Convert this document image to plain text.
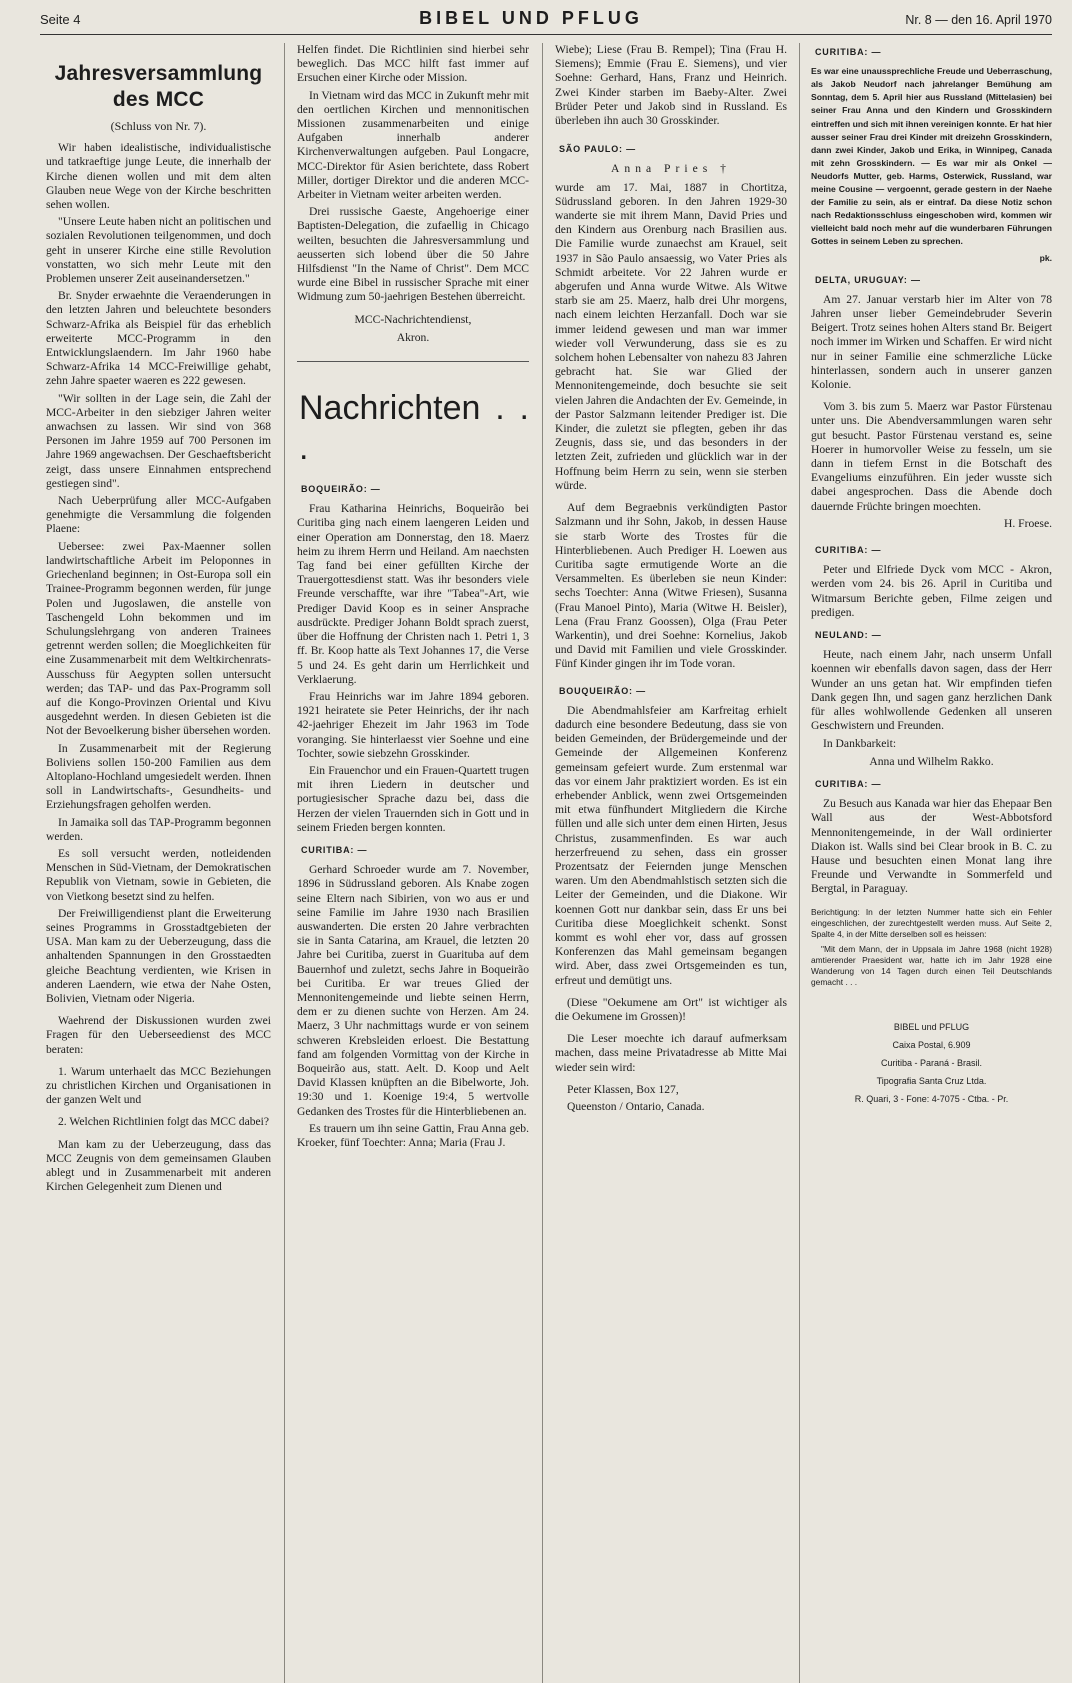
Seite 4	BIBEL UND PFLUG	Nr. 8 — den 16. April 1970
Jahresversammlung
des MCC
(Schluss von Nr. 7).

Wir haben idealistische, individualistische und tatkraeftige junge Leute, die innerhalb der Kirche dienen wollen und mit dem alten Glauben neue Wege von der Kirche beschritten sehen wollen.

"Unsere Leute haben nicht an politischen und sozialen Revolutionen teilgenommen, und doch geht in unserer Kirche eine stille Revolution vonstatten, wo sich mehr Leute mit den Problemen unserer Zeit auseinandersetzen."

Br. Snyder erwaehnte die Veraenderungen in den letzten Jahren und beleuchtete besonders Schwarz-Afrika als Beispiel für das erheblich erweiterte MCC-Programm in den Entwicklungslaendern. Im Jahr 1960 habe Schwarz-Afrika 14 MCC-Freiwillige gehabt, zehn Jahre spaeter waeren es 222 gewesen.

"Wir sollten in der Lage sein, die Zahl der MCC-Arbeiter in den siebziger Jahren weiter anwachsen zu lassen. Wir sind von 368 Personen im Jahre 1959 auf 700 Personen im Jahre 1969 angewachsen. Der Geschaeftsbericht zeigt, dass unsere Einnahmen entsprechend gestiegen sind".

Nach Ueberprüfung aller MCC-Aufgaben genehmigte die Versammlung die folgenden Plaene:

Uebersee: zwei Pax-Maenner sollen landwirtschaftliche Arbeit im Peloponnes in Griechenland beginnen; in Ost-Europa soll ein Trainee-Programm begonnen werden, für junge Polen und Jugoslawen, die anstelle von Taschengeld Lohn bekommen und im Schulungslehrgang von anderen Trainees getrennt werden sollen; die Moeglichkeiten für eine Zusammenarbeit mit dem Weltkirchenrats-Ausschuss für Aegypten sollen untersucht werden; das TAP- und das Pax-Programm soll auf die Kongo-Provinzen Oriental und Kivu ausgedehnt werden. In diesen Gebieten ist die Not der Bevoelkerung bisher übersehen worden.

In Zusammenarbeit mit der Regierung Boliviens sollen 150-200 Familien aus dem Altoplano-Hochland umgesiedelt werden. Ihnen soll in Landwirtschafts-, Gesundheits- und Erziehungsfragen geholfen werden.

In Jamaika soll das TAP-Programm begonnen werden.

Es soll versucht werden, notleidenden Menschen in Süd-Vietnam, der Demokratischen Republik von Vietnam, sowie in Gebieten, die von Vietkong besetzt sind zu helfen.

Der Freiwilligendienst plant die Erweiterung seines Programms in Grosstadtgebieten der USA. Man kam zu der Ueberzeugung, dass die anhaltenden Spannungen in den Grosstaedten gleiche Beachtung verdienten, wie Krisen in anderen Laendern, wie etwa der Nahe Osten, Bolivien, Vietnam oder Nigeria.

Waehrend der Diskussionen wurden zwei Fragen für den Ueberseedienst des MCC beraten:

1. Warum unterhaelt das MCC Beziehungen zu christlichen Kirchen und Organisationen in der ganzen Welt und

2. Welchen Richtlinien folgt das MCC dabei?

Man kam zu der Ueberzeugung, dass das MCC Zeugnis von dem gemeinsamen Glauben ablegt und in Zusammenarbeit mit anderen Kirchen Gelegenheit zum Dienen und

Helfen findet. Die Richtlinien sind hierbei sehr beweglich. Das MCC hilft fast immer auf Ersuchen einer Kirche oder Mission.

In Vietnam wird das MCC in Zukunft mehr mit den oertlichen Kirchen und mennonitischen Missionen zusammenarbeiten und einige Aufgaben innerhalb anderer Kirchenverwaltungen aufgeben. Paul Longacre, MCC-Direktor für Asien berichtete, dass Robert Miller, dortiger Direktor und die anderen MCC-Arbeiter in Vietnam weiter arbeiten werden.

Drei russische Gaeste, Angehoerige einer Baptisten-Delegation, die zufaellig in Chicago weilten, besuchten die Jahresversammlung und aeusserten sich lobend über die 50 Jahre Hilfsdienst "In the Name of Christ". Dem MCC wurde eine Bibel in russischer Sprache mit einer Widmung zum 50-jaehrigen Bestehen überreicht.

MCC-Nachrichtendienst,

Akron.

Nachrichten . . .
BOQUEIRÃO: —

Frau Katharina Heinrichs, Boqueirão bei Curitiba ging nach einem laengeren Leiden und einer Operation am Donnerstag, den 18. Maerz heim zu ihrem Herrn und Heiland. Am naechsten Tag fand bei einer gefüllten Kirche der Trauergottesdienst statt. Was ihr besonders viele Freunde verschaffte, war ihre "Tabea"-Art, wie Prediger David Koop es in seiner Ansprache ausdrückte. Prediger Johann Boldt sprach zuerst, über die Hoffnung der Christen nach 1. Petri 1, 3 ff. Br. Koop hatte als Text Johannes 17, die Verse 5 und 24. Es geht darin um Herrlichkeit und Verklaerung.

Frau Heinrichs war im Jahre 1894 geboren. 1921 heiratete sie Peter Heinrichs, der ihr nach 42-jaehriger Ehezeit im Jahr 1963 im Tode voranging. Sie hinterlaesst vier Soehne und eine Tochter, sowie siebzehn Grosskinder.

Ein Frauenchor und ein Frauen-Quartett trugen mit ihren Liedern in deutscher und portugiesischer Sprache dazu bei, dass die Herzen der vielen Trauernden sich in Gott und in seinem Frieden bergen konnten.

CURITIBA: —

Gerhard Schroeder wurde am 7. November, 1896 in Südrussland geboren. Als Knabe zogen seine Eltern nach Sibirien, von wo aus er und seine Familie im Jahre 1930 nach Brasilien auswanderten. Die ersten 20 Jahre verbrachten sie in Santa Catarina, am Krauel, die letzten 20 Jahre bei Curitiba, zuerst in Guarituba auf dem Bauernhof und zuletzt, sechs Jahre in Boqueirão bei Curitiba. Er war treues Glied der Mennonitengemeinde und liebte seinen Herrn, dem er zu dienen suchte von Herzen. Am 24. Maerz, 3 Uhr nachmittags wurde er von seinem schweren Krebsleiden erloest. Die Bestattung fand am folgenden Vormittag von der Kirche in Boqueirão aus, statt. Aelt. D. Koop und Aelt David Klassen knüpften an die Bibelworte, Joh. 19:30 und 1. Koenige 19:4, 5 wertvolle Gedanken des Trostes für die Hinterbliebenen an.

Es trauern um ihn seine Gattin, Frau Anna geb. Kroeker, fünf Toechter: Anna; Maria (Frau J.

Wiebe); Liese (Frau B. Rempel); Tina (Frau H. Siemens); Emmie (Frau E. Siemens), und vier Soehne: Gerhard, Hans, Franz und Heinrich. Zwei Kinder starben im Baeby-Alter. Zwei Brüder Peter und Jakob sind in Russland. Es überleben ihn auch 30 Grosskinder.

SÃO PAULO: —

Anna Pries †

wurde am 17. Mai, 1887 in Chortitza, Südrussland geboren. In den Jahren 1929-30 wanderte sie mit ihrem Mann, David Pries und den Kindern aus Orenburg nach Brasilien aus. Die Familie wurde zunaechst am Krauel, seit 1937 in São Paulo ansaessig, wo Vater Pries als Schmidt arbeitete. Vor 22 Jahren wurde er abgerufen und Anna wurde Witwe. Als Witwe starb sie am 25. Maerz, halb drei Uhr morgens, nach einem leichten Herzanfall. Doch war sie immer leidend gewesen und man war immer wieder voll Verwunderung, dass sie es zu solchem hohen Lebensalter von nahezu 83 Jahren gebracht hat. Sie war Glied der Mennonitengemeinde, doch besuchte sie seit vielen Jahren die Andachten der Ev. Gemeinde, in der Pastor Salzmann leitender Prediger ist. Die Kinder, die zuletzt sie pflegten, geben ihr das Zeugnis, dass sie, und das besonders in der letzten Zeit, zufrieden und glücklich war in der Hoffnung beim Herrn zu sein, wenn sie sterben würde.

Auf dem Begraebnis verkündigten Pastor Salzmann und ihr Sohn, Jakob, in dessen Hause sie starb Worte des Trostes für die Hinterbliebenen. Auch Prediger H. Loewen aus Curitiba sagte ermutigende Worte an die Versammelten. Es überleben sie neun Kinder: sechs Toechter: Anna (Witwe Friesen), Susanna (Frau Manoel Pinto), Maria (Witwe H. Beisler), Lena (Frau Franz Goossen), Olga (Frau Peter Warkentin), und drei Soehne: Kornelius, Jakob und David mit Familien und viele Grosskinder. Fünf Kinder gingen ihr im Tode voran.

BOUQUEIRÃO: —

Die Abendmahlsfeier am Karfreitag erhielt dadurch eine besondere Bedeutung, dass sie von beiden Gemeinden, der Brüdergemeinde und der Gemeinde der Allgemeinen Konferenz gemeinsam gefeiert wurde. Zum erstenmal war das vor einem Jahr praktiziert worden. Es ist ein erhebender Anblick, wenn zwei Ortsgemeinden mit etwa fünfhundert Mitgliedern die Kirche füllen und alle sich unter dem einen Hirten, Jesus Christus, zusammenfinden. Es war auch herzerfreuend zu sehen, dass ein grosser Prozentsatz der Feiernden junge Menschen waren. Um den Abendmahlstisch setzten sich die Leiter der Gemeinden, und die Diakone. Wir koennen Gott nur dankbar sein, dass Er uns bei Curitiba diese Moeglichkeit schenkt. Sonst kommt es wohl eher vor, dass auf grossen Konferenzen das Mahl gemeinsam begangen wird. Aber, dass zwei Ortsgemeinden es tun, erfreut und demütigt uns.

(Diese "Oekumene am Ort" ist wichtiger als die Oekumene im Grossen)!

Die Leser moechte ich darauf aufmerksam machen, dass meine Privatadresse ab Mitte Mai wieder sein wird:

Peter Klassen, Box 127,

Queenston / Ontario, Canada.

CURITIBA: —

Es war eine unaussprechliche Freude und Ueberraschung, als Jakob Neudorf nach jahrelanger Bemühung am Sonntag, dem 5. April hier aus Russland (Mittelasien) bei seiner Frau Anna und den Kindern und Grosskindern eintreffen und sich mit ihnen vereinigen konnte. Er hat hier ausser seiner Frau drei Kinder mit dreizehn Grosskindern, dann zwei Kinder, Jakob und Erika, in Winnipeg, Canada mit zehn Grosskindern. — Es war mir als Onkel — Neudorfs Mutter, geb. Harms, Osterwick, Russland, war meine Cousine — vergoennt, gerade gestern in der Naehe der Familie zu sein, als er eintraf. Da diese Notiz schon nach Redaktionsschluss eingeschoben wird, kommen wir vielleicht bald noch mehr auf die wunderbaren Führungen Gottes in seinem Leben zu sprechen.

pk.

DELTA, URUGUAY: —

Am 27. Januar verstarb hier im Alter von 78 Jahren unser lieber Gemeindebruder Severin Beigert. Trotz seines hohen Alters stand Br. Beigert noch immer im Wirken und Schaffen. Er wird nicht nur in seiner Familie eine schmerzliche Lücke hinterlassen, sondern auch in unserer ganzen Kolonie.

Vom 3. bis zum 5. Maerz war Pastor Fürstenau unter uns. Die Abendversammlungen waren sehr gut besucht. Pastor Fürstenau verstand es, seine Hoerer in humorvoller Weise zu fesseln, um sie dann in tiefem Ernst in die Botschaft des Evangeliums einzuführen. Ein jeder wusste sich dabei angesprochen. Dass die Abende doch dauernde Früchte bringen moechten.

H. Froese.

CURITIBA: —

Peter und Elfriede Dyck vom MCC - Akron, werden vom 24. bis 26. April in Curitiba und Witmarsum Berichte geben, Filme zeigen und predigen.

NEULAND: —

Heute, nach einem Jahr, nach unserm Unfall koennen wir ebenfalls davon sagen, dass der Herr Wunder an uns getan hat. Wir empfinden tiefen Dank gegen Ihn, und sagen ganz herzlichen Dank für alles wohlwollende Gedenken all unseren Geschwistern und Freunden.

In Dankbarkeit:

Anna und Wilhelm Rakko.

CURITIBA: —

Zu Besuch aus Kanada war hier das Ehepaar Ben Wall aus der West-Abbotsford Mennonitengemeinde, in der Wall ordinierter Diakon ist. Walls sind bei Clear brook in B. C. zu Hause und besuchten einen Monat lang ihre Freunde und Verwandte in Sommerfeld und Bergtal, in Paraguay.

Berichtigung: In der letzten Nummer hatte sich ein Fehler eingeschlichen, der zurechtgestellt werden muss. Auf Seite 2, Spalte 4, in der Mitte derselben soll es heissen:

"Mit dem Mann, der in Uppsala im Jahre 1968 (nicht 1928) amtierender Praesident war, hatte ich im Jahr 1928 eine Wanderung von 14 Tagen durch einen Teil Deutschlands gemacht . . .

BIBEL und PFLUG
Caixa Postal, 6.909
Curitiba - Paraná - Brasil.
Tipografia Santa Cruz Ltda.
R. Quari, 3 - Fone: 4-7075 - Ctba. - Pr.
